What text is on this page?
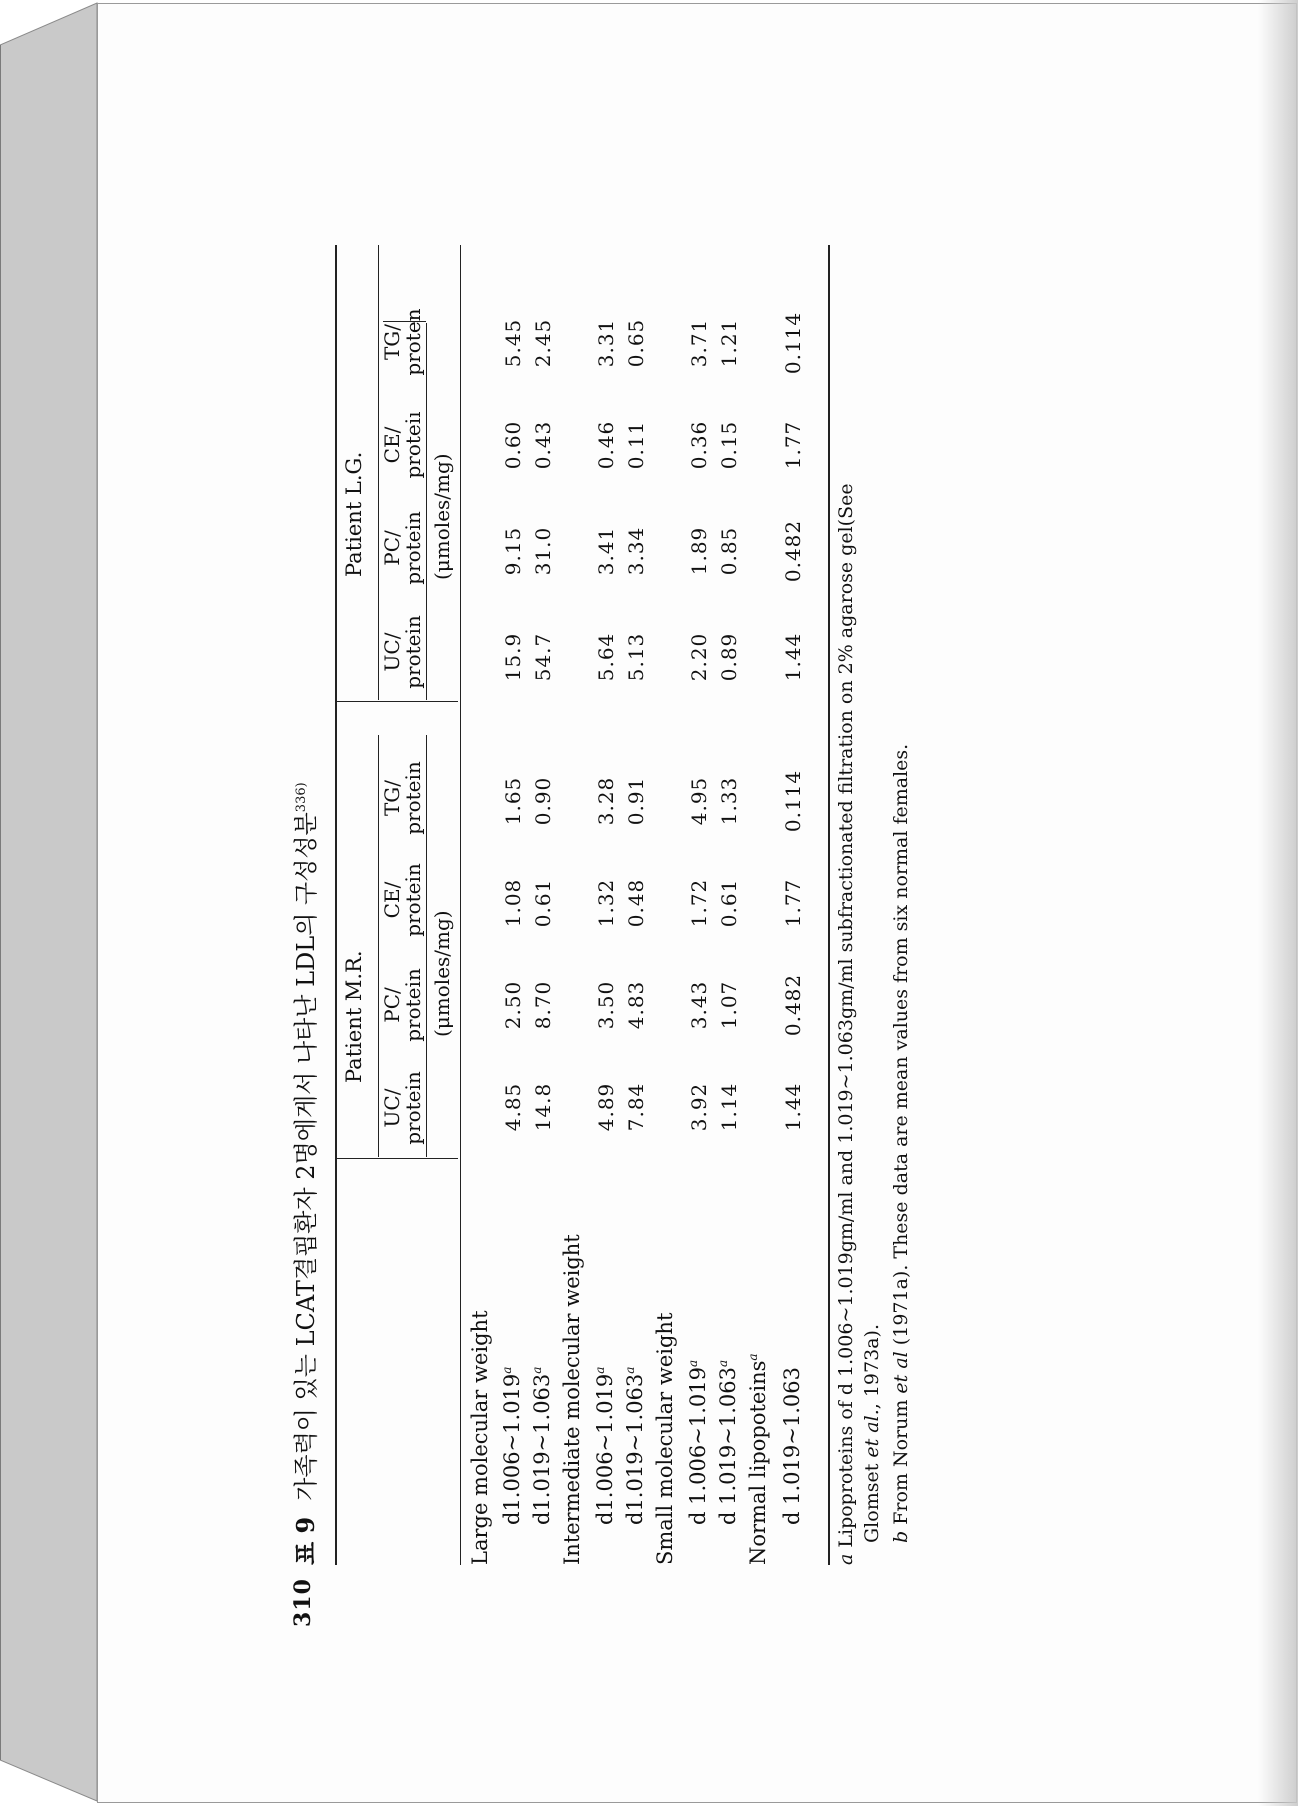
310
표 9가족력이 있는 LCAT결핍환자 2명에게서 나타난 LDL의 구성성분$^{336)}$
Patient M.R.
Patient L.G.
UC/
protein
PC/
protein
CE/
protein
TG/
protein
UC/
protein
PC/
protein
CE/
proteiı
TG/
proten
(μmoles/mg)
(μmoles/mg)
Large molecular weight d1.006~1.019$^a$
4.85
2.50
1.08
1.65
15.9
9.15
0.60
5.45
d1.019~1.063$^a$
14.8
8.70
0.61
0.90
54.7
31.0
0.43
2.45
Intermediate molecular weight d1.006~1.019$^a$
4.89
3.50
1.32
3.28
5.64
3.41
0.46
3.31
d1.019~1.063$^a$
7.84
4.83
0.48
0.91
5.13
3.34
0.11
0.65
Small molecular weight d 1.006~1.019$^a$
3.92
3.43
1.72
4.95
2.20
1.89
0.36
3.71
d 1.019~1.063$^a$
1.14
1.07
0.61
1.33
0.89
0.85
0.15
1.21
Normal lipopoteins$^a$
d 1.019~1.063
1.44
0.482
1.77
0.114
1.44
0.482
1.77
0.114
a Lipoproteins of d 1.006~1.019gm/ml and 1.019~1.063gm/ml subfractionated filtration on 2% agarose gel(See Glomset et al., 1973a).
b From Norum et al (1971a). These data are mean values from six normal females.
